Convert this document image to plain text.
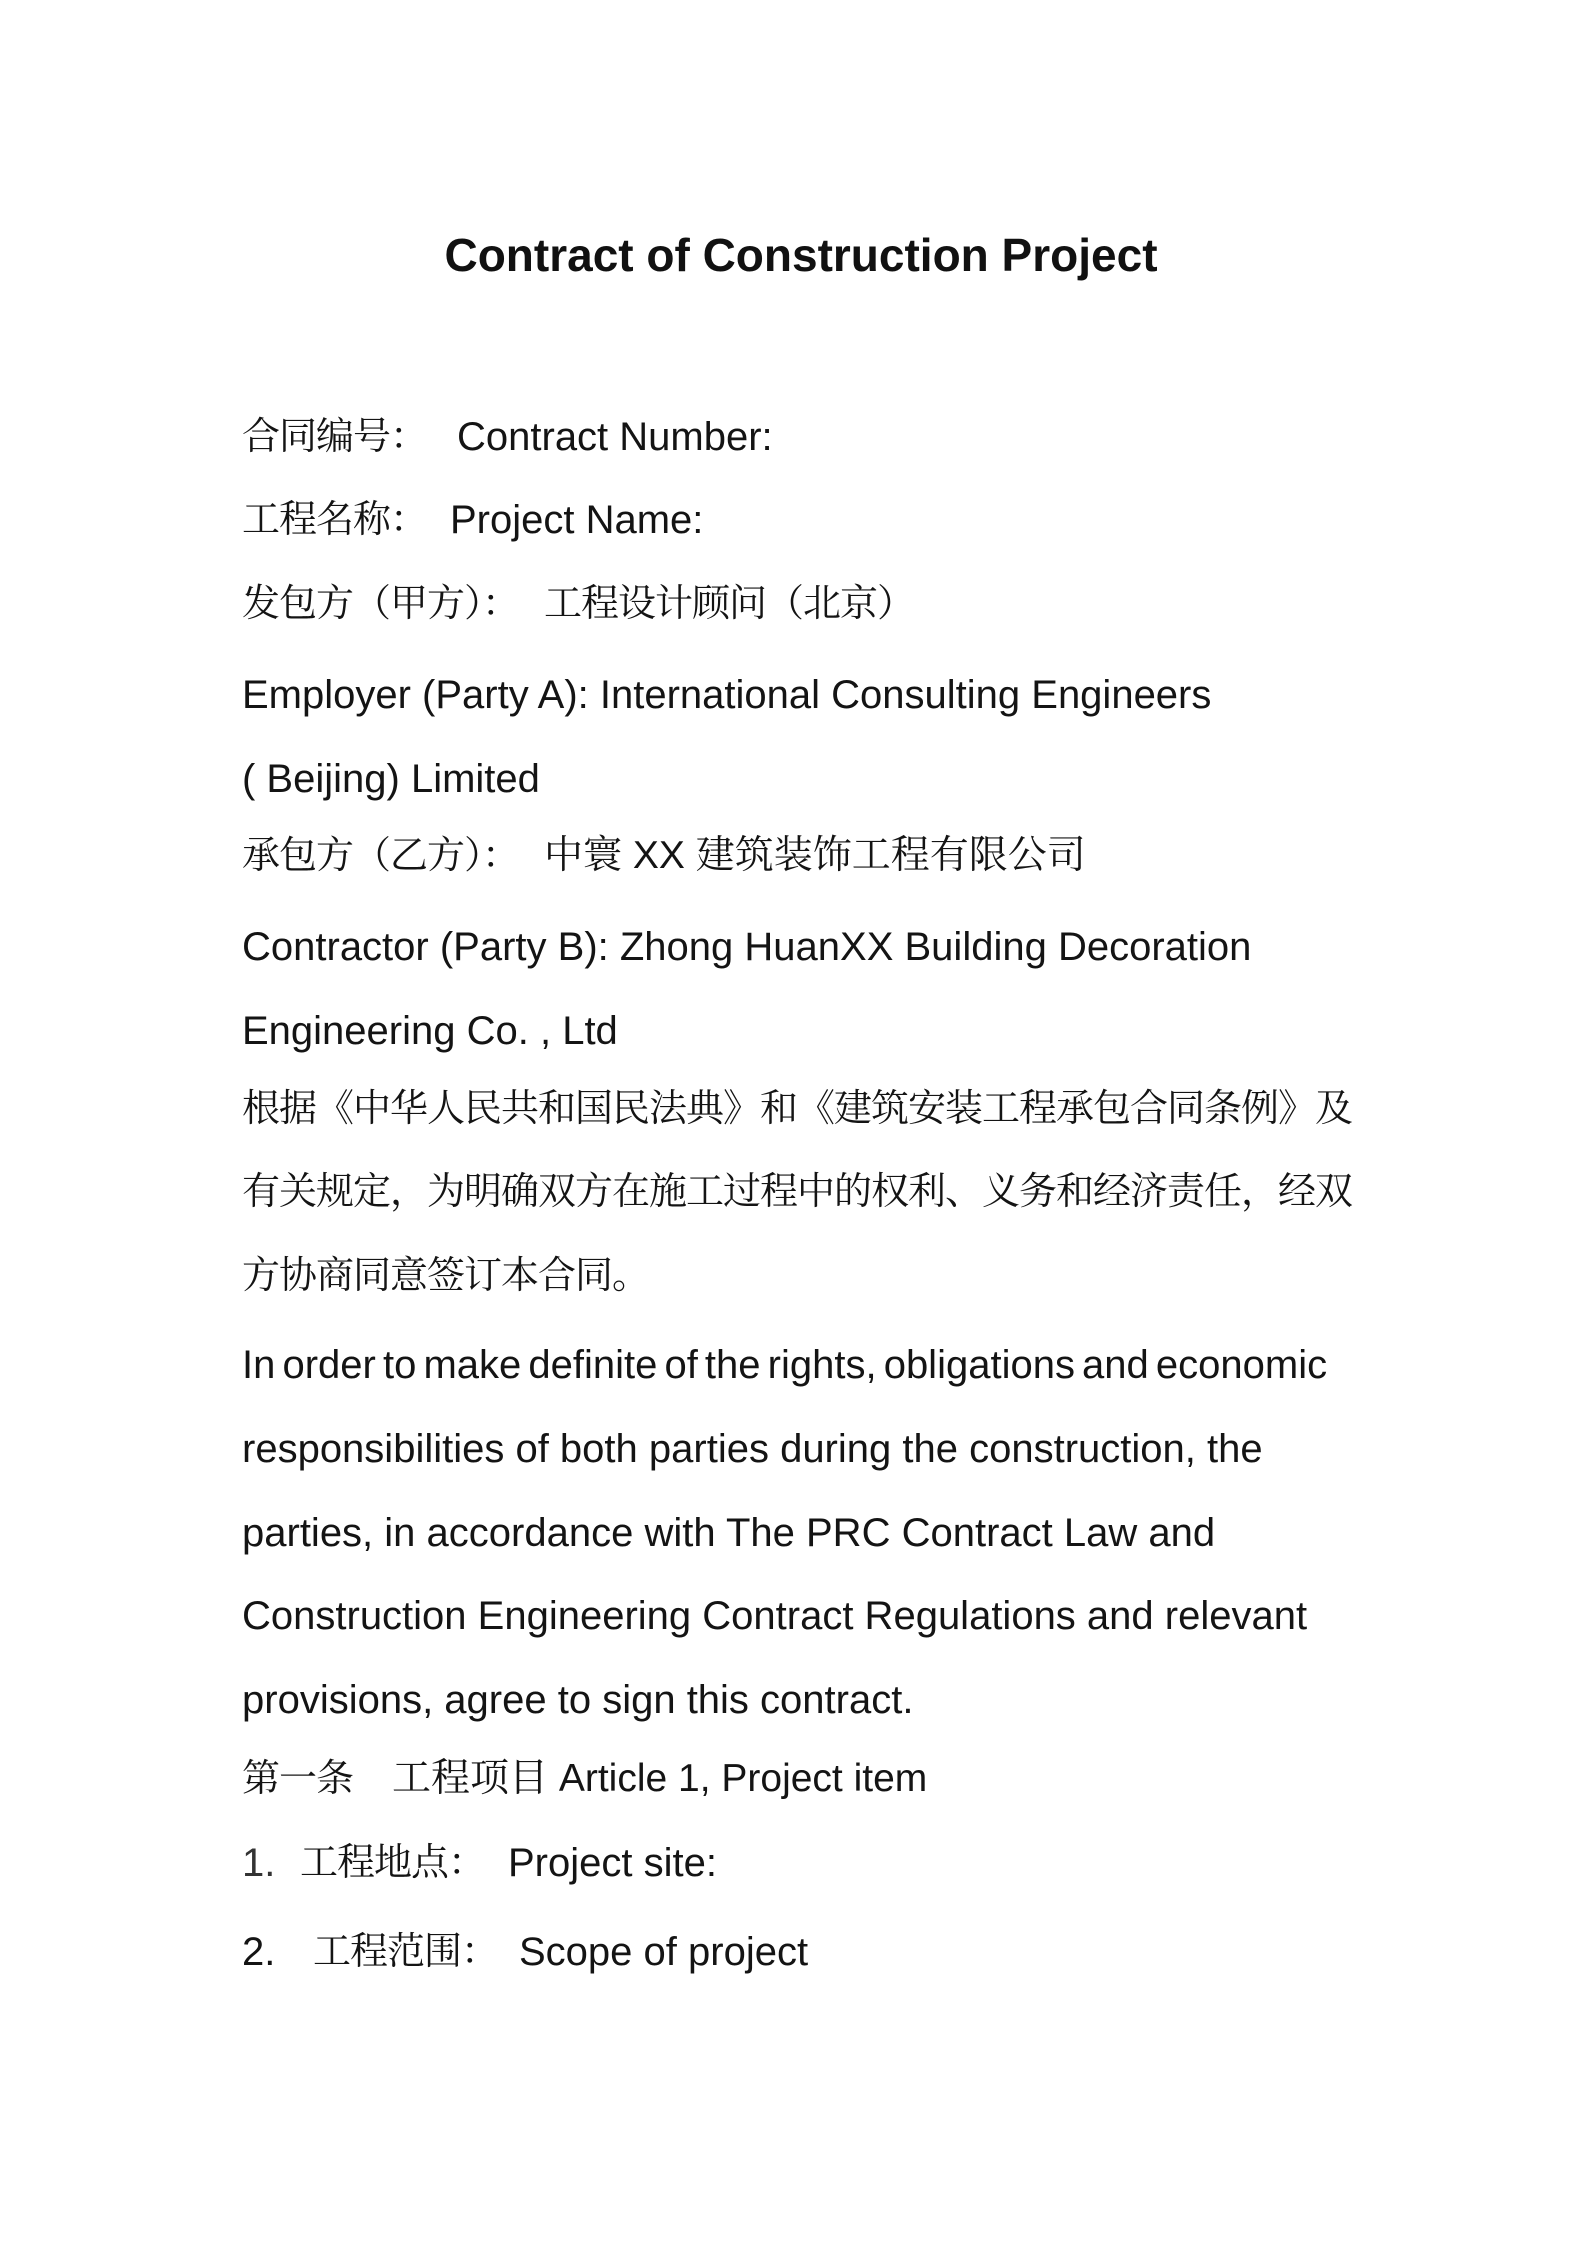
Contract of Construction Project
合同编号： Contract Number:
工程名称： Project Name:
发包方（甲方）： 工程设计顾问（北京）
Employer (Party A): International Consulting Engineers
( Beijing) Limited
承包方（乙方）： 中寰 XX 建筑装饰工程有限公司
Contractor (Party B): Zhong HuanXX Building Decoration
Engineering Co. , Ltd
根据《中华人民共和国民法典》和《建筑安装工程承包合同条例》及
有关规定，为明确双方在施工过程中的权利、义务和经济责任，经双
方协商同意签订本合同。
In order to make definite of the rights, obligations and economic
responsibilities of both parties during the construction, the
parties, in accordance with The PRC Contract Law and
Construction Engineering Contract Regulations and relevant
provisions, agree to sign this contract.
第一条 工程项目 Article 1, Project item
1. 工程地点： Project site:
2. 工程范围： Scope of project
